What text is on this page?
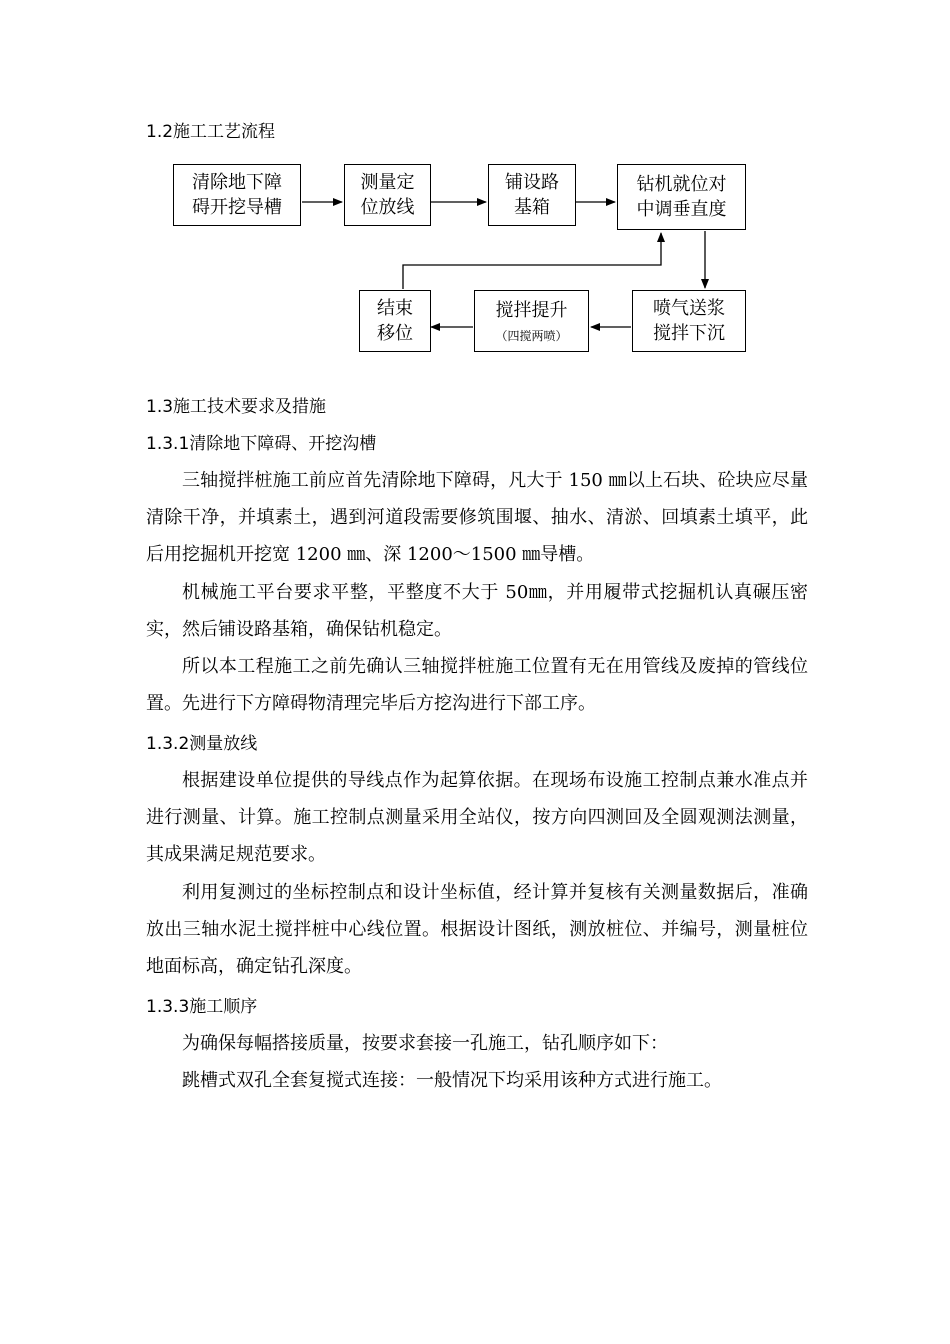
1.2施工工艺流程
清除地下障
碍开挖导槽
测量定
位放线
铺设路
基箱
钻机就位对
中调垂直度
喷气送浆
搅拌下沉
搅拌提升
（四搅两喷）
结束
移位
1.3施工技术要求及措施
1.3.1清除地下障碍、开挖沟槽

三轴搅拌桩施工前应首先清除地下障碍，凡大于 150 ㎜以上石块、砼块应尽量清除干净，并填素土，遇到河道段需要修筑围堰、抽水、清淤、回填素土填平，此后用挖掘机开挖宽 1200 ㎜、深 1200～1500 ㎜导槽。

机械施工平台要求平整，平整度不大于 50㎜，并用履带式挖掘机认真碾压密实，然后铺设路基箱，确保钻机稳定。

所以本工程施工之前先确认三轴搅拌桩施工位置有无在用管线及废掉的管线位置。先进行下方障碍物清理完毕后方挖沟进行下部工序。

1.3.2测量放线

根据建设单位提供的导线点作为起算依据。在现场布设施工控制点兼水准点并进行测量、计算。施工控制点测量采用全站仪，按方向四测回及全圆观测法测量，其成果满足规范要求。

利用复测过的坐标控制点和设计坐标值，经计算并复核有关测量数据后，准确放出三轴水泥土搅拌桩中心线位置。根据设计图纸，测放桩位、并编号，测量桩位地面标高，确定钻孔深度。

1.3.3施工顺序

为确保每幅搭接质量，按要求套接一孔施工，钻孔顺序如下：

跳槽式双孔全套复搅式连接：一般情况下均采用该种方式进行施工。
